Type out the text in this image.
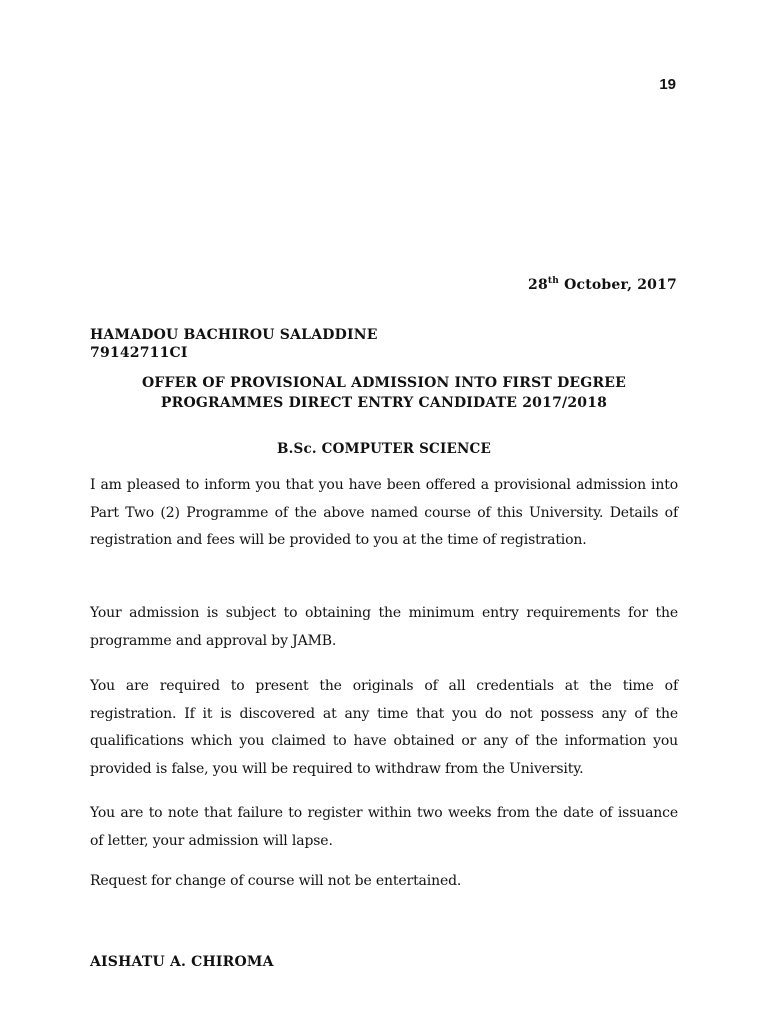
19
28th October, 2017
HAMADOU BACHIROU SALADDINE
79142711CI
OFFER OF PROVISIONAL ADMISSION INTO FIRST DEGREE
PROGRAMMES DIRECT ENTRY CANDIDATE 2017/2018
B.Sc. COMPUTER SCIENCE

I am pleased to inform you that you have been offered a provisional admission into Part Two (2) Programme of the above named course of this University. Details of registration and fees will be provided to you at the time of registration.

Your admission is subject to obtaining the minimum entry requirements for the programme and approval by JAMB.

You are required to present the originals of all credentials at the time of registration. If it is discovered at any time that you do not possess any of the qualifications which you claimed to have obtained or any of the information you provided is false, you will be required to withdraw from the University.

You are to note that failure to register within two weeks from the date of issuance of letter, your admission will lapse.

Request for change of course will not be entertained.

AISHATU A. CHIROMA
